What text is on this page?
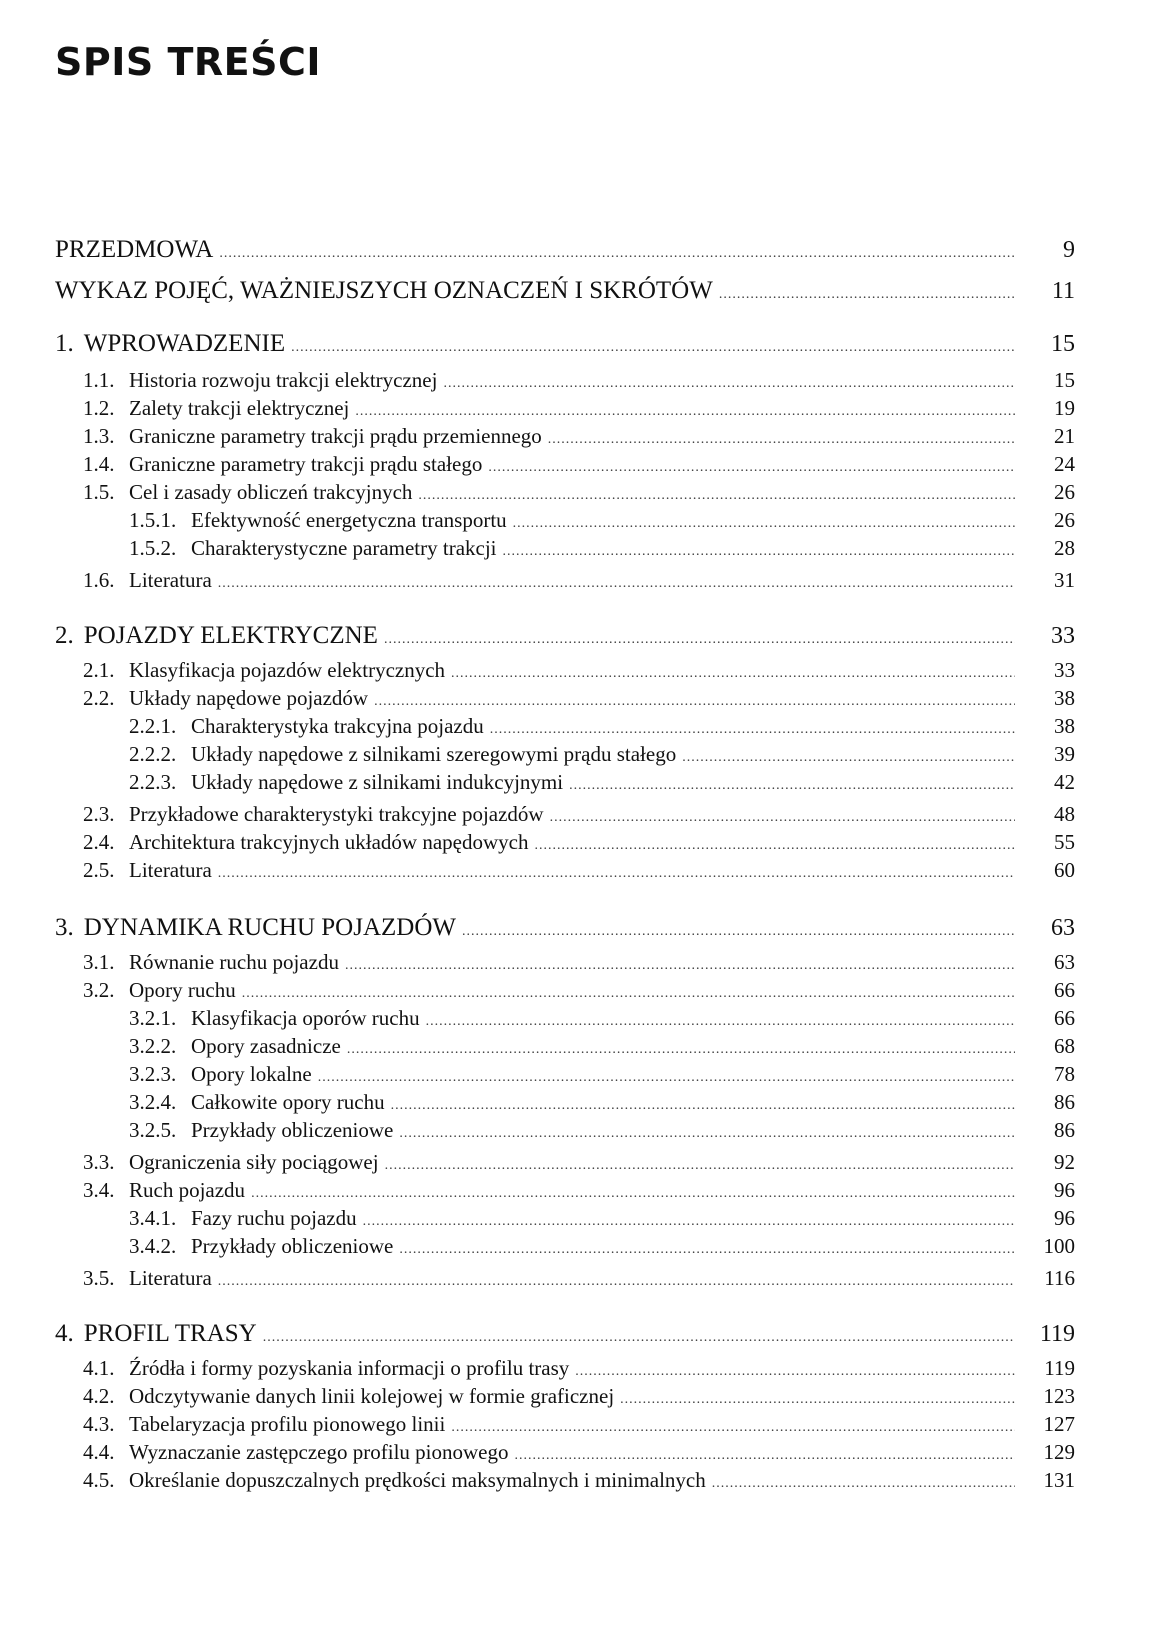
SPIS TREŚCI
PRZEDMOWA .....	9
WYKAZ POJĘĆ, WAŻNIEJSZYCH OZNACZEŃ I SKRÓTÓW .....	11
1. WPROWADZENIE .....	15
1.1. Historia rozwoju trakcji elektrycznej .....	15
1.2. Zalety trakcji elektrycznej .....	19
1.3. Graniczne parametry trakcji prądu przemiennego .....	21
1.4. Graniczne parametry trakcji prądu stałego .....	24
1.5. Cel i zasady obliczeń trakcyjnych .....	26
1.5.1. Efektywność energetyczna transportu .....	26
1.5.2. Charakterystyczne parametry trakcji .....	28
1.6. Literatura .....	31
2. POJAZDY ELEKTRYCZNE .....	33
2.1. Klasyfikacja pojazdów elektrycznych .....	33
2.2. Układy napędowe pojazdów .....	38
2.2.1. Charakterystyka trakcyjna pojazdu .....	38
2.2.2. Układy napędowe z silnikami szeregowymi prądu stałego .....	39
2.2.3. Układy napędowe z silnikami indukcyjnymi .....	42
2.3. Przykładowe charakterystyki trakcyjne pojazdów .....	48
2.4. Architektura trakcyjnych układów napędowych .....	55
2.5. Literatura .....	60
3. DYNAMIKA RUCHU POJAZDÓW .....	63
3.1. Równanie ruchu pojazdu .....	63
3.2. Opory ruchu .....	66
3.2.1. Klasyfikacja oporów ruchu .....	66
3.2.2. Opory zasadnicze .....	68
3.2.3. Opory lokalne .....	78
3.2.4. Całkowite opory ruchu .....	86
3.2.5. Przykłady obliczeniowe .....	86
3.3. Ograniczenia siły pociągowej .....	92
3.4. Ruch pojazdu .....	96
3.4.1. Fazy ruchu pojazdu .....	96
3.4.2. Przykłady obliczeniowe .....	100
3.5. Literatura .....	116
4. PROFIL TRASY .....	119
4.1. Źródła i formy pozyskania informacji o profilu trasy .....	119
4.2. Odczytywanie danych linii kolejowej w formie graficznej .....	123
4.3. Tabelaryzacja profilu pionowego linii .....	127
4.4. Wyznaczanie zastępczego profilu pionowego .....	129
4.5. Określanie dopuszczalnych prędkości maksymalnych i minimalnych .....	131
